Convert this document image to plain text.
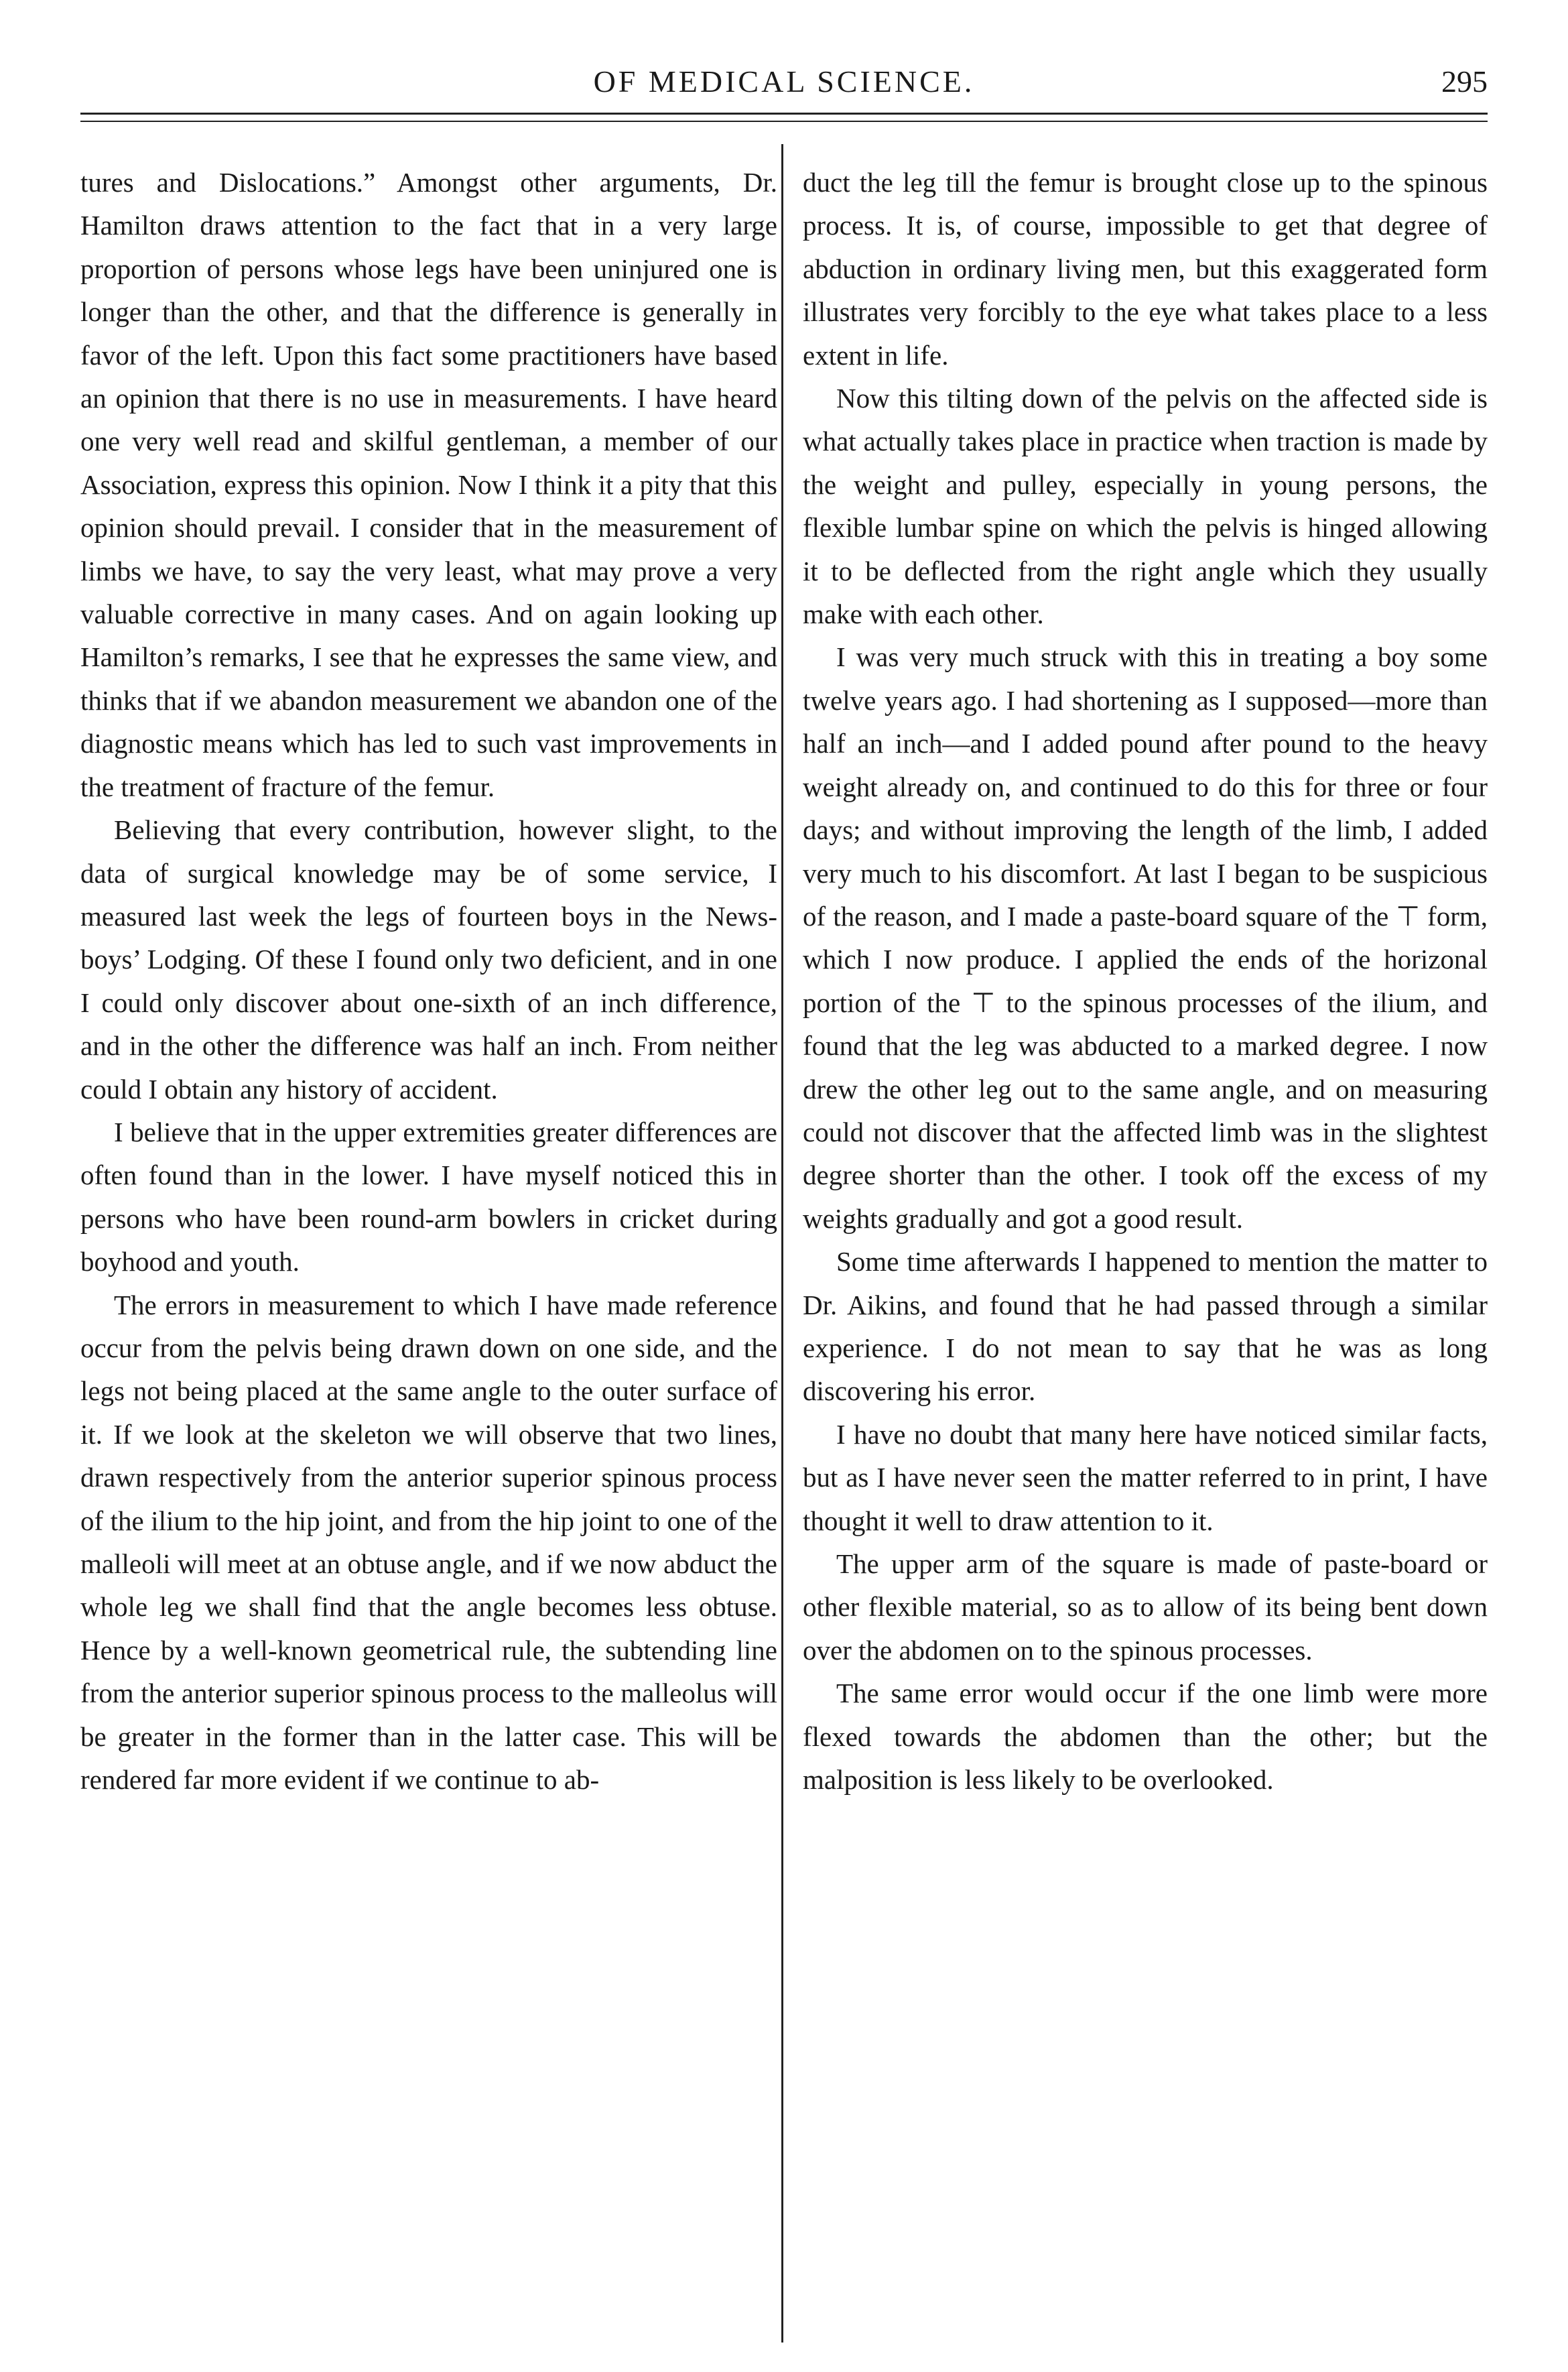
OF MEDICAL SCIENCE.	295

tures and Dislocations.” Amongst other arguments, Dr. Hamilton draws attention to the fact that in a very large proportion of persons whose legs have been uninjured one is longer than the other, and that the difference is generally in favor of the left. Upon this fact some practitioners have based an opinion that there is no use in measurements. I have heard one very well read and skilful gentleman, a member of our Association, express this opinion. Now I think it a pity that this opinion should prevail. I consider that in the measurement of limbs we have, to say the very least, what may prove a very valuable corrective in many cases. And on again looking up Hamilton’s remarks, I see that he expresses the same view, and thinks that if we abandon measurement we abandon one of the diagnostic means which has led to such vast improvements in the treatment of fracture of the femur.

Believing that every contribution, however slight, to the data of surgical knowledge may be of some service, I measured last week the legs of fourteen boys in the News-boys’ Lodging. Of these I found only two deficient, and in one I could only discover about one-sixth of an inch difference, and in the other the difference was half an inch. From neither could I obtain any history of accident.

I believe that in the upper extremities greater differences are often found than in the lower. I have myself noticed this in persons who have been round-arm bowlers in cricket during boyhood and youth.

The errors in measurement to which I have made reference occur from the pelvis being drawn down on one side, and the legs not being placed at the same angle to the outer surface of it. If we look at the skeleton we will observe that two lines, drawn respectively from the anterior superior spinous process of the ilium to the hip joint, and from the hip joint to one of the malleoli will meet at an obtuse angle, and if we now abduct the whole leg we shall find that the angle becomes less obtuse. Hence by a well-known geometrical rule, the subtending line from the anterior superior spinous process to the malleolus will be greater in the former than in the latter case. This will be rendered far more evident if we continue to ab-

duct the leg till the femur is brought close up to the spinous process. It is, of course, impossible to get that degree of abduction in ordinary living men, but this exaggerated form illustrates very forcibly to the eye what takes place to a less extent in life.

Now this tilting down of the pelvis on the affected side is what actually takes place in practice when traction is made by the weight and pulley, especially in young persons, the flexible lumbar spine on which the pelvis is hinged allowing it to be deflected from the right angle which they usually make with each other.

I was very much struck with this in treating a boy some twelve years ago. I had shortening as I supposed—more than half an inch—and I added pound after pound to the heavy weight already on, and continued to do this for three or four days; and without improving the length of the limb, I added very much to his discomfort. At last I began to be suspicious of the reason, and I made a paste-board square of the ⊤ form, which I now produce. I applied the ends of the horizonal portion of the ⊤ to the spinous processes of the ilium, and found that the leg was abducted to a marked degree. I now drew the other leg out to the same angle, and on measuring could not discover that the affected limb was in the slightest degree shorter than the other. I took off the excess of my weights gradually and got a good result.

Some time afterwards I happened to mention the matter to Dr. Aikins, and found that he had passed through a similar experience. I do not mean to say that he was as long discovering his error.

I have no doubt that many here have noticed similar facts, but as I have never seen the matter referred to in print, I have thought it well to draw attention to it.

The upper arm of the square is made of paste-board or other flexible material, so as to allow of its being bent down over the abdomen on to the spinous processes.

The same error would occur if the one limb were more flexed towards the abdomen than the other; but the malposition is less likely to be overlooked.
